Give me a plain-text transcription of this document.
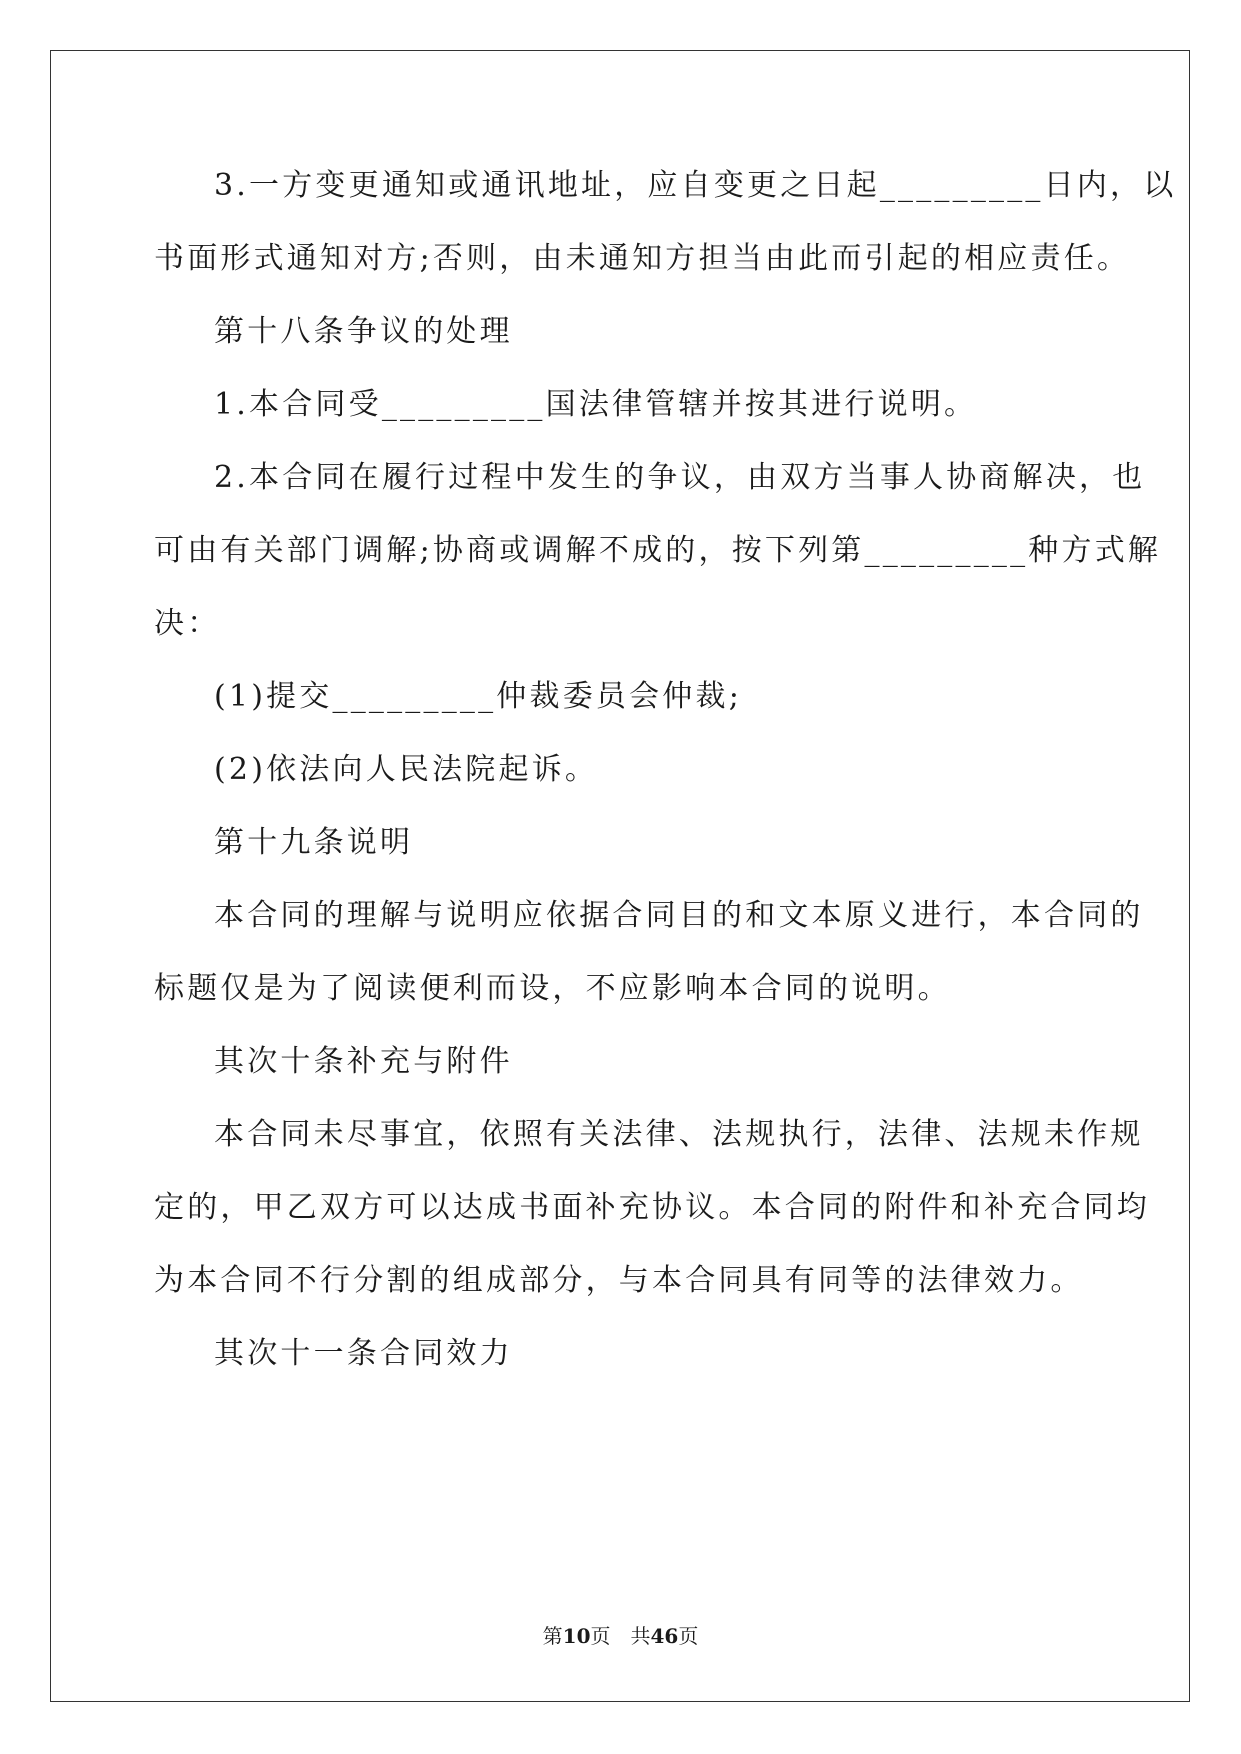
3.一方变更通知或通讯地址，应自变更之日起_________日内，以
书面形式通知对方;否则，由未通知方担当由此而引起的相应责任。
第十八条争议的处理
1.本合同受_________国法律管辖并按其进行说明。
2.本合同在履行过程中发生的争议，由双方当事人协商解决，也
可由有关部门调解;协商或调解不成的，按下列第_________种方式解
决：
(1)提交_________仲裁委员会仲裁;
(2)依法向人民法院起诉。
第十九条说明
本合同的理解与说明应依据合同目的和文本原义进行，本合同的
标题仅是为了阅读便利而设，不应影响本合同的说明。
其次十条补充与附件
本合同未尽事宜，依照有关法律、法规执行，法律、法规未作规
定的，甲乙双方可以达成书面补充协议。本合同的附件和补充合同均
为本合同不行分割的组成部分，与本合同具有同等的法律效力。
其次十一条合同效力
第10页　共46页
